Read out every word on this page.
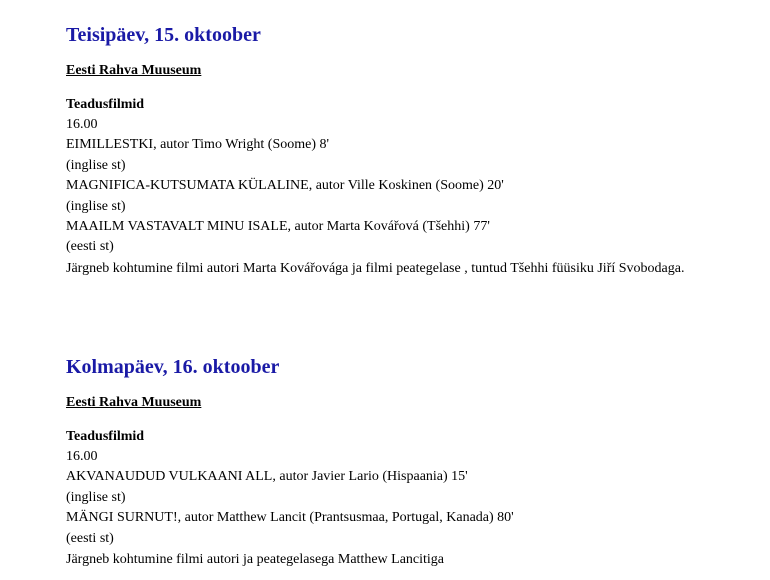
Teisipäev, 15. oktoober

Eesti Rahva Muuseum

Teadusfilmid

16.00

EIMILLESTKI, autor Timo Wright (Soome) 8'

(inglise st)

MAGNIFICA-KUTSUMATA KÜLALINE, autor Ville Koskinen (Soome) 20'

(inglise st)

MAAILM VASTAVALT MINU ISALE, autor Marta Kovářová (Tšehhi) 77'

(eesti st)

Järgneb kohtumine filmi autori Marta Kovářovága ja filmi peategelase , tuntud Tšehhi füüsiku Jiří Svobodaga.

Kolmapäev, 16. oktoober

Eesti Rahva Muuseum

Teadusfilmid

16.00

AKVANAUDUD VULKAANI ALL, autor Javier Lario (Hispaania) 15'

(inglise st)

MÄNGI SURNUT!, autor Matthew Lancit (Prantsusmaa, Portugal, Kanada) 80'

(eesti st)

Järgneb kohtumine filmi autori ja peategelasega Matthew Lancitiga
